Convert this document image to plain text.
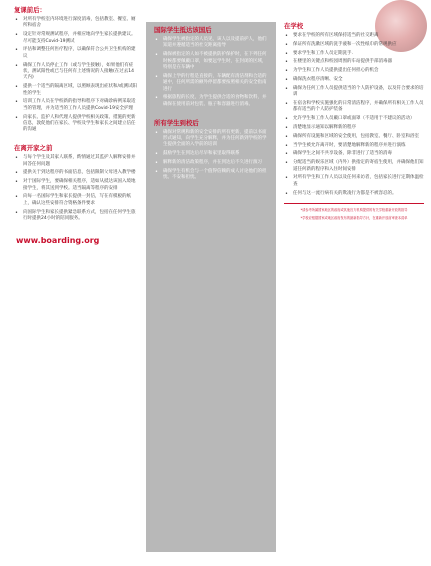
复课前后：
• 对所有学校室内环境进行深度消毒，包括教室、餐室、厕所和宿舍
• 设定针对常规测试程序，并相应地向学生家长提供建议。尽可能支持Covid-19测试
• 评估和调整任何医疗程序，以确保符合公共卫生机构的建议
• 确保工作人员停止工作（或与学生接触），如果他们有症状，测试阳性或已与任何有上述情况的人接触(在过去14天内)
• 提供一个适当的隔离区域，以照顾表现出症状和/或测试阳性的学生
• 培训工作人员在学校新的指导和程序下对确诊病例采取适当的管理，并为适当的工作人员提供Covid-19安全护理
• 向家长、监护人和代理人提供学校相关政策、措施的更新信息，敦促他们在家长、学校及学生和家长之间建立信任的沟通
在离开家之前
• 与每个学生及其家人联系，酌情通过其监护人解释安排并回答任何问题
• 提供关于到达程序的书面信息，包括限制父母进入教学楼
• 对于国际学生，要确保相关程序，适如从抵达该国入境地接学生，将其送到学校。适当隔离等程序的安排
• 向每一名国际学生和家长提供一封信，写在有模板的纸上，确认这些安排符合资格条件要求
• 向国际学生和家长提供紧急联系方式，包括在任何学生旅行时提供24小时的陪同服务。
www.boarding.org
国际学生抵达该国后
• 确保学生被指定的人员见，该人以及提前护人，他们知道并遵循适当的社交距离指导
• 确保被指定的人如不被提供防护保护时，在下列任何时候都要佩戴口罩，如要远学生时，在封闭的区域，特别是在车辆中
• 确保上学的行程是直接的，车辆配有清洁剂和合适的通中，任何所需的额外停留都要按照相关的安全指南进行
• 根据旅程的长度，为学生提供合适的食物和饮料，并确保在使用前对包装、瓶子和容器进行消毒。
所有学生到校后
• 确保对常规和新的安全安排的所有更新，提前以书面形式通知，向学生充分解释，并为任何新到学校的学生提供全面的入学前的培训
• 鼓励学生在到达后尽早和家里取得联系
• 解释新的清洁政策程序，并在到达后不久进行演习
• 确保学生有机会与一个值得信赖的成人讨论他们的担忧、不安和担忧。
在学校
• 要求在学校的所有区域保持适当的社交距离
• 保证所有洗漱区域的洗手液和一次性纸巾的常规供应
• 要求学生和工作人员定期洗手.
• 在楼里的关键点和校园周围的车站提供手部消毒器
• 为学生和工作人员提供提出任何担心的机会
• 确保洗衣程序清晰、安全
• 确保为任何工作人员提供适当的个人防护设备，以及符合要求的培训
• 在宿舍和学校实施强化的日常清洁程序，并确保所有相关工作人员都有适当的个人防护装备
• 允许学生和工作人员戴口罩或面罩（不适用于不建议的活动）
• 清楚地显示通知以解释新的程序
• 确保所有设施和区域的安全使用，包括教室、餐厅、卧室和浴室
• 当学生被允许离开时，要清楚地解释新的程序并进行演练
• 确保学生之间不共享设备，除非进行了适当的消毒
• 分配适当的娱乐区域（内外）供指定的寄宿生使用，并确保他们知道任何新的程序和入住时间安排
• 对所有学生和工作人员以及任何来访者，包括家长进行定期体温检查
• 任何与这一流行病有关的欺凌行为都是不被容忍的。
*请参考所属国家地区的政府或其他官方机构提供的有关学校重新开放的指导
*学校应根据国家或地区政府发布的最新指导方针，在重新开放前审查本清单
